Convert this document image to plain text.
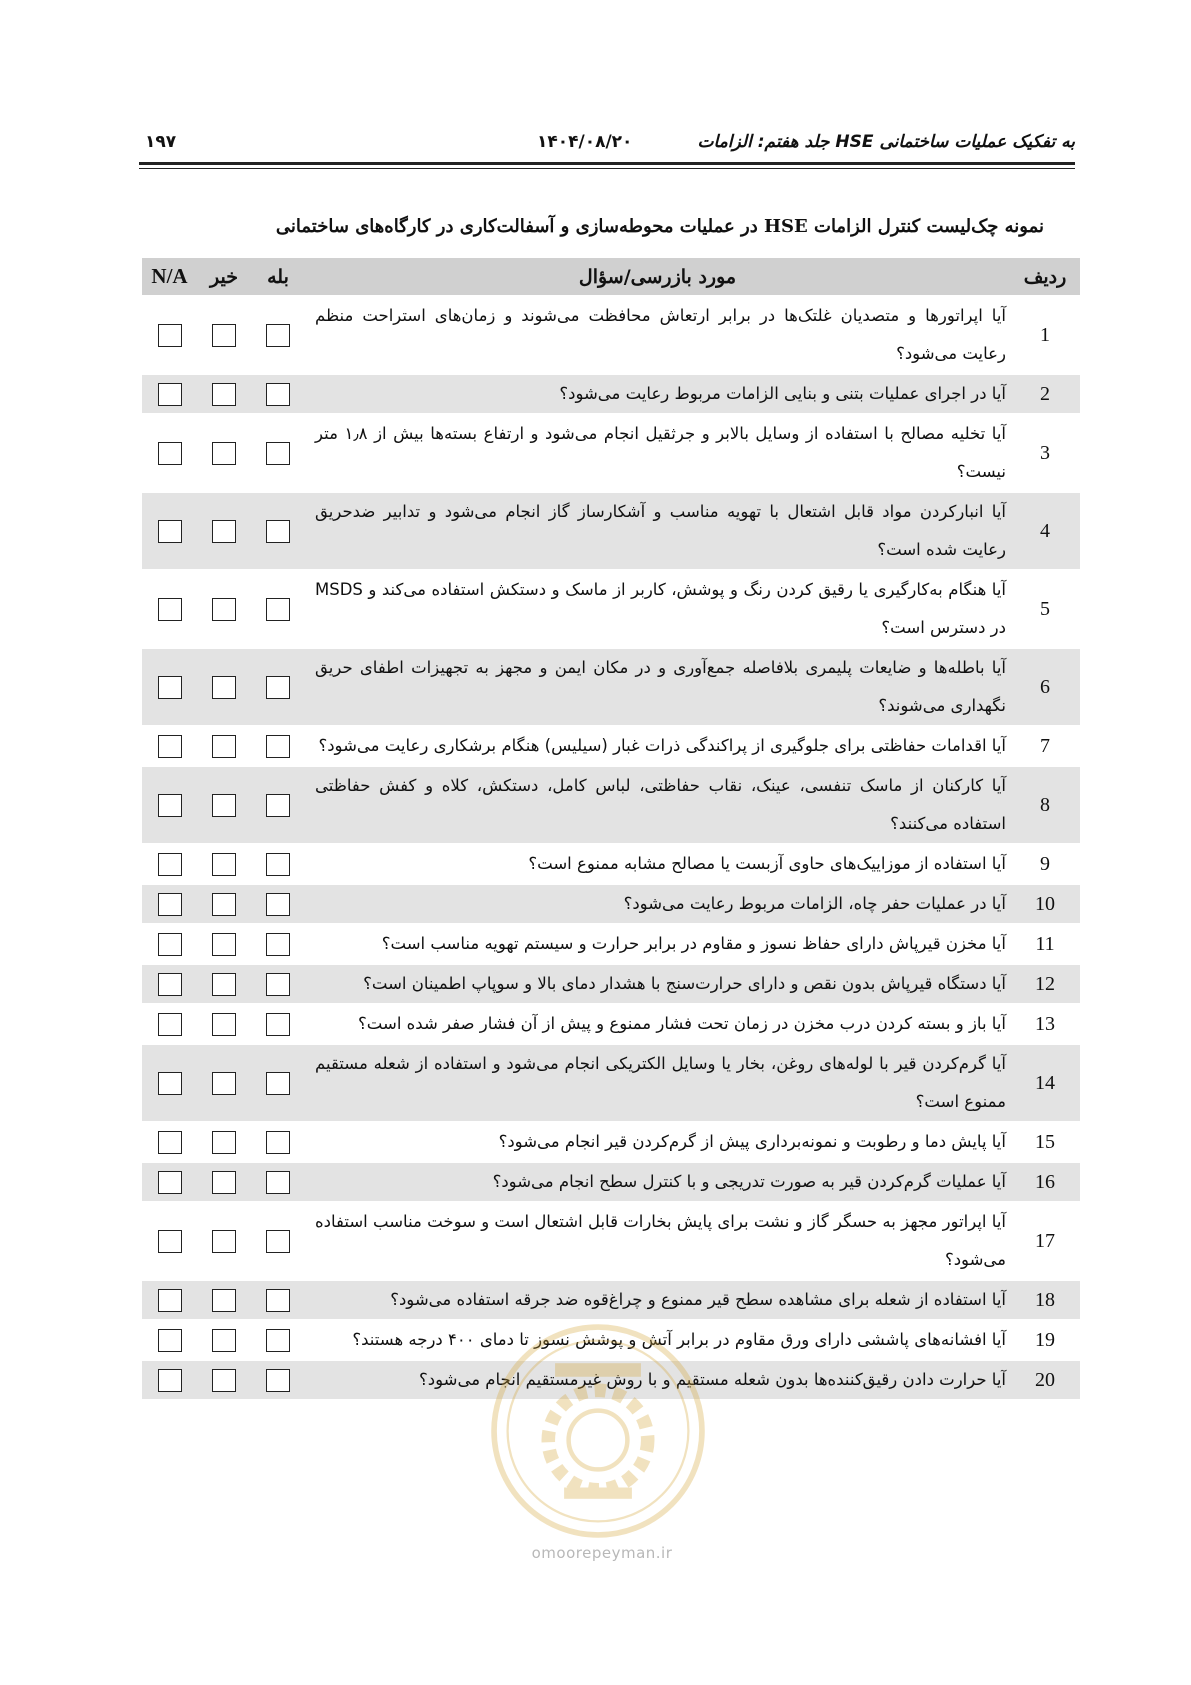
جلد هفتم: الزامات HSE به تفکیک عملیات ساختمانی
۱۴۰۴/۰۸/۲۰
۱۹۷
نمونه چک‌لیست کنترل الزامات HSE در عملیات محوطه‌سازی و آسفالت‌کاری در کارگاه‌های ساختمانی
ردیف	مورد بازرسی/سؤال	بله	خیر	N/A
1	آیا اپراتورها و متصدیان غلتک‌ها در برابر ارتعاش محافظت می‌شوند و زمان‌های استراحت منظم رعایت می‌شود؟			
2	آیا در اجرای عملیات بتنی و بنایی الزامات مربوط رعایت می‌شود؟			
3	آیا تخلیه مصالح با استفاده از وسایل بالابر و جرثقیل انجام می‌شود و ارتفاع بسته‌ها بیش از ۱٫۸ متر نیست؟			
4	آیا انبارکردن مواد قابل اشتعال با تهویه مناسب و آشکارساز گاز انجام می‌شود و تدابیر ضدحریق رعایت شده است؟			
5	آیا هنگام به‌کارگیری یا رقیق کردن رنگ و پوشش، کاربر از ماسک و دستکش استفاده می‌کند و MSDS در دسترس است؟			
6	آیا باطله‌ها و ضایعات پلیمری بلافاصله جمع‌آوری و در مکان ایمن و مجهز به تجهیزات اطفای حریق نگهداری می‌شوند؟			
7	آیا اقدامات حفاظتی برای جلوگیری از پراکندگی ذرات غبار (سیلیس) هنگام برشکاری رعایت می‌شود؟			
8	آیا کارکنان از ماسک تنفسی، عینک، نقاب حفاظتی، لباس کامل، دستکش، کلاه و کفش حفاظتی استفاده می‌کنند؟			
9	آیا استفاده از موزاییک‌های حاوی آزبست یا مصالح مشابه ممنوع است؟			
10	آیا در عملیات حفر چاه، الزامات مربوط رعایت می‌شود؟			
11	آیا مخزن قیرپاش دارای حفاظ نسوز و مقاوم در برابر حرارت و سیستم تهویه مناسب است؟			
12	آیا دستگاه قیرپاش بدون نقص و دارای حرارت‌سنج با هشدار دمای بالا و سوپاپ اطمینان است؟			
13	آیا باز و بسته کردن درب مخزن در زمان تحت فشار ممنوع و پیش از آن فشار صفر شده است؟			
14	آیا گرم‌کردن قیر با لوله‌های روغن، بخار یا وسایل الکتریکی انجام می‌شود و استفاده از شعله مستقیم ممنوع است؟			
15	آیا پایش دما و رطوبت و نمونه‌برداری پیش از گرم‌کردن قیر انجام می‌شود؟			
16	آیا عملیات گرم‌کردن قیر به صورت تدریجی و با کنترل سطح انجام می‌شود؟			
17	آیا اپراتور مجهز به حسگر گاز و نشت برای پایش بخارات قابل اشتعال است و سوخت مناسب استفاده می‌شود؟			
18	آیا استفاده از شعله برای مشاهده سطح قیر ممنوع و چراغ‌قوه ضد جرقه استفاده می‌شود؟			
19	آیا افشانه‌های پاششی دارای ورق مقاوم در برابر آتش و پوشش نسوز تا دمای ۴۰۰ درجه هستند؟			
20	آیا حرارت دادن رقیق‌کننده‌ها بدون شعله مستقیم و با روش غیرمستقیم انجام می‌شود؟			
omoorepeyman.ir
